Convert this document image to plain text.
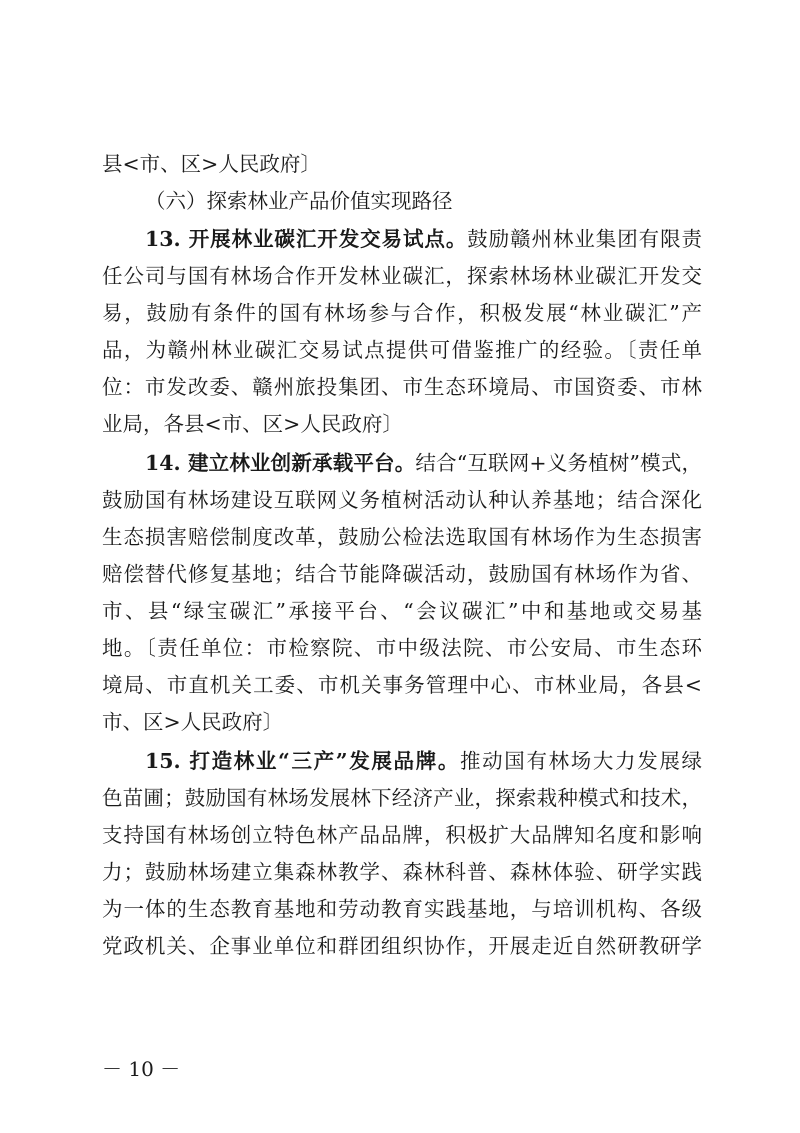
县<市、区>人民政府〕
（六）探索林业产品价值实现路径
13. 开展林业碳汇开发交易试点。鼓励赣州林业集团有限责
任公司与国有林场合作开发林业碳汇，探索林场林业碳汇开发交
易，鼓励有条件的国有林场参与合作，积极发展“林业碳汇”产
品，为赣州林业碳汇交易试点提供可借鉴推广的经验。〔责任单
位：市发改委、赣州旅投集团、市生态环境局、市国资委、市林
业局，各县<市、区>人民政府〕
14. 建立林业创新承载平台。结合“互联网+义务植树”模式，
鼓励国有林场建设互联网义务植树活动认种认养基地；结合深化
生态损害赔偿制度改革，鼓励公检法选取国有林场作为生态损害
赔偿替代修复基地；结合节能降碳活动，鼓励国有林场作为省、
市、县“绿宝碳汇”承接平台、“会议碳汇”中和基地或交易基
地。〔责任单位：市检察院、市中级法院、市公安局、市生态环
境局、市直机关工委、市机关事务管理中心、市林业局，各县<
市、区>人民政府〕
15. 打造林业“三产”发展品牌。推动国有林场大力发展绿
色苗圃；鼓励国有林场发展林下经济产业，探索栽种模式和技术，
支持国有林场创立特色林产品品牌，积极扩大品牌知名度和影响
力；鼓励林场建立集森林教学、森林科普、森林体验、研学实践
为一体的生态教育基地和劳动教育实践基地，与培训机构、各级
党政机关、企事业单位和群团组织协作，开展走近自然研教研学
－ 10 －
